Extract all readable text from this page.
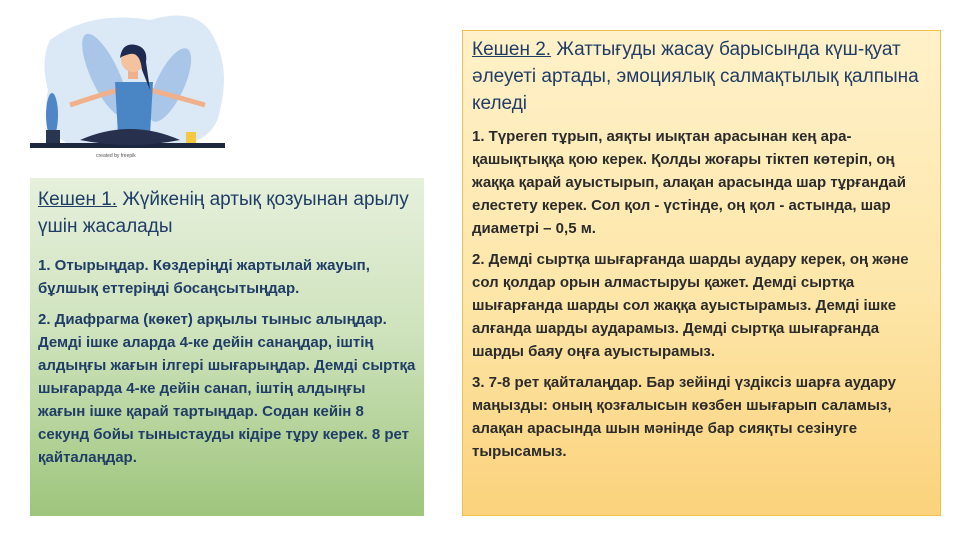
created by freepik

Кешен 1. Жүйкенің артық қозуынан арылу үшін жасалады

1. Отырыңдар. Көздеріңді жартылай жауып, бұлшық еттеріңді босаңсытыңдар.

2. Диафрагма (көкет) арқылы тыныс алыңдар. Демді ішке аларда 4-ке дейін санаңдар, іштің алдыңғы жағын ілгері шығарыңдар. Демді сыртқа шығарарда 4-ке дейін санап, іштің алдыңғы жағын ішке қарай тартыңдар. Содан кейін 8 секунд бойы тыныстауды кідіре тұру керек. 8 рет қайталаңдар.

Кешен 2. Жаттығуды жасау барысында күш-қуат әлеуеті артады, эмоциялық салмақтылық қалпына келеді

1. Түрегеп тұрып, аяқты иықтан арасынан кең ара-қашықтыққа қою керек. Қолды жоғары тіктеп көтеріп, оң жаққа қарай ауыстырып, алақан арасында шар тұрғандай елестету керек. Сол қол - үстінде, оң қол - астында, шар диаметрі – 0,5 м.

2. Демді сыртқа шығарғанда шарды аудару керек, оң және сол қолдар орын алмастыруы қажет. Демді сыртқа шығарғанда шарды сол жаққа ауыстырамыз. Демді ішке алғанда шарды аударамыз. Демді сыртқа шығарғанда шарды баяу оңға ауыстырамыз.

3. 7-8 рет қайталаңдар. Бар зейінді үздіксіз шарға аудару маңызды: оның қозғалысын көзбен шығарып саламыз, алақан арасында шын мәнінде бар сияқты сезінуге тырысамыз.
